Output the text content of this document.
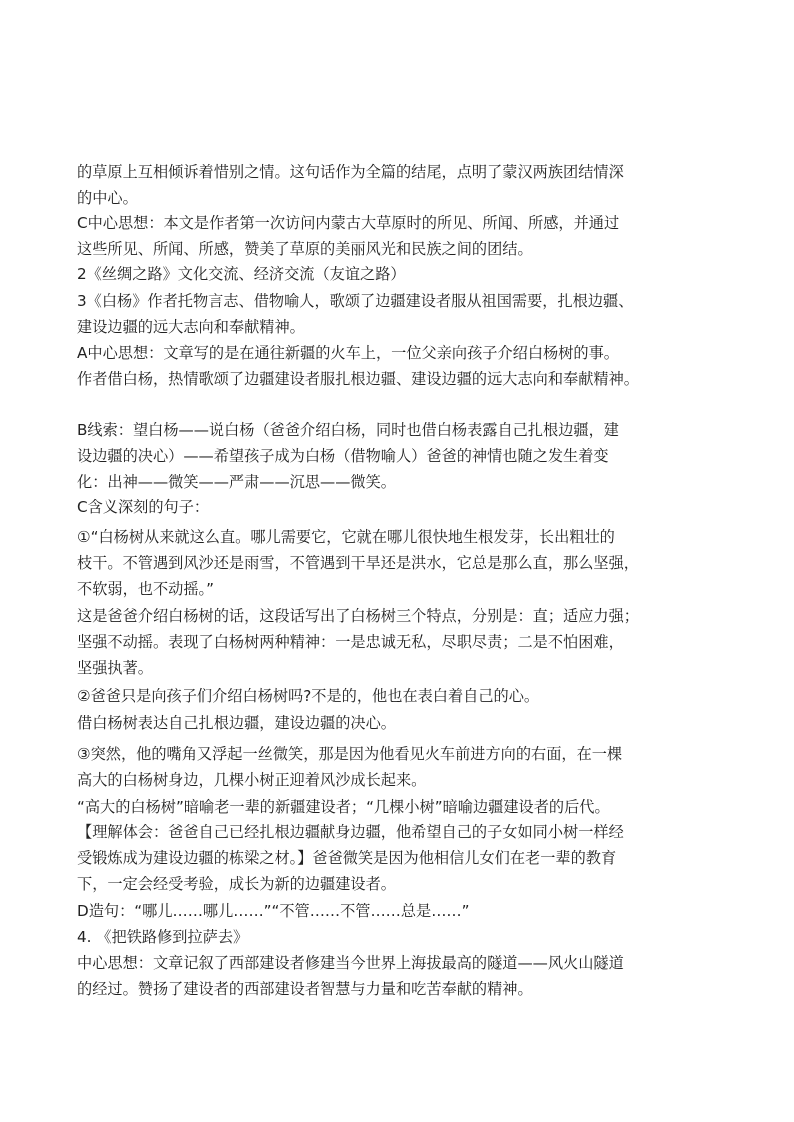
的草原上互相倾诉着惜别之情。这句话作为全篇的结尾，点明了蒙汉两族团结情深
的中心。
C中心思想：本文是作者第一次访问内蒙古大草原时的所见、所闻、所感，并通过
这些所见、所闻、所感，赞美了草原的美丽风光和民族之间的团结。
2《丝绸之路》文化交流、经济交流（友谊之路）
3《白杨》作者托物言志、借物喻人，歌颂了边疆建设者服从祖国需要，扎根边疆、
建设边疆的远大志向和奉献精神。
A中心思想：文章写的是在通往新疆的火车上，一位父亲向孩子介绍白杨树的事。
作者借白杨，热情歌颂了边疆建设者服扎根边疆、建设边疆的远大志向和奉献精神。
B线索：望白杨——说白杨（爸爸介绍白杨，同时也借白杨表露自己扎根边疆，建
设边疆的决心）——希望孩子成为白杨（借物喻人）爸爸的神情也随之发生着变
化：出神——微笑——严肃——沉思——微笑。
C含义深刻的句子：
①“白杨树从来就这么直。哪儿需要它，它就在哪儿很快地生根发芽，长出粗壮的
枝干。不管遇到风沙还是雨雪，不管遇到干旱还是洪水，它总是那么直，那么坚强，
不软弱，也不动摇。”
这是爸爸介绍白杨树的话，这段话写出了白杨树三个特点，分别是：直；适应力强；
坚强不动摇。表现了白杨树两种精神：一是忠诚无私，尽职尽责；二是不怕困难，
坚强执著。
②爸爸只是向孩子们介绍白杨树吗?不是的，他也在表白着自己的心。
借白杨树表达自己扎根边疆，建设边疆的决心。
③突然，他的嘴角又浮起一丝微笑，那是因为他看见火车前进方向的右面，在一棵
高大的白杨树身边，几棵小树正迎着风沙成长起来。
“高大的白杨树”暗喻老一辈的新疆建设者；“几棵小树”暗喻边疆建设者的后代。
【理解体会：爸爸自己已经扎根边疆献身边疆，他希望自己的子女如同小树一样经
受锻炼成为建设边疆的栋梁之材。】爸爸微笑是因为他相信儿女们在老一辈的教育
下，一定会经受考验，成长为新的边疆建设者。
D造句：“哪儿……哪儿……”“不管……不管……总是……”
4. 《把铁路修到拉萨去》
中心思想：文章记叙了西部建设者修建当今世界上海拔最高的隧道——风火山隧道
的经过。赞扬了建设者的西部建设者智慧与力量和吃苦奉献的精神。
